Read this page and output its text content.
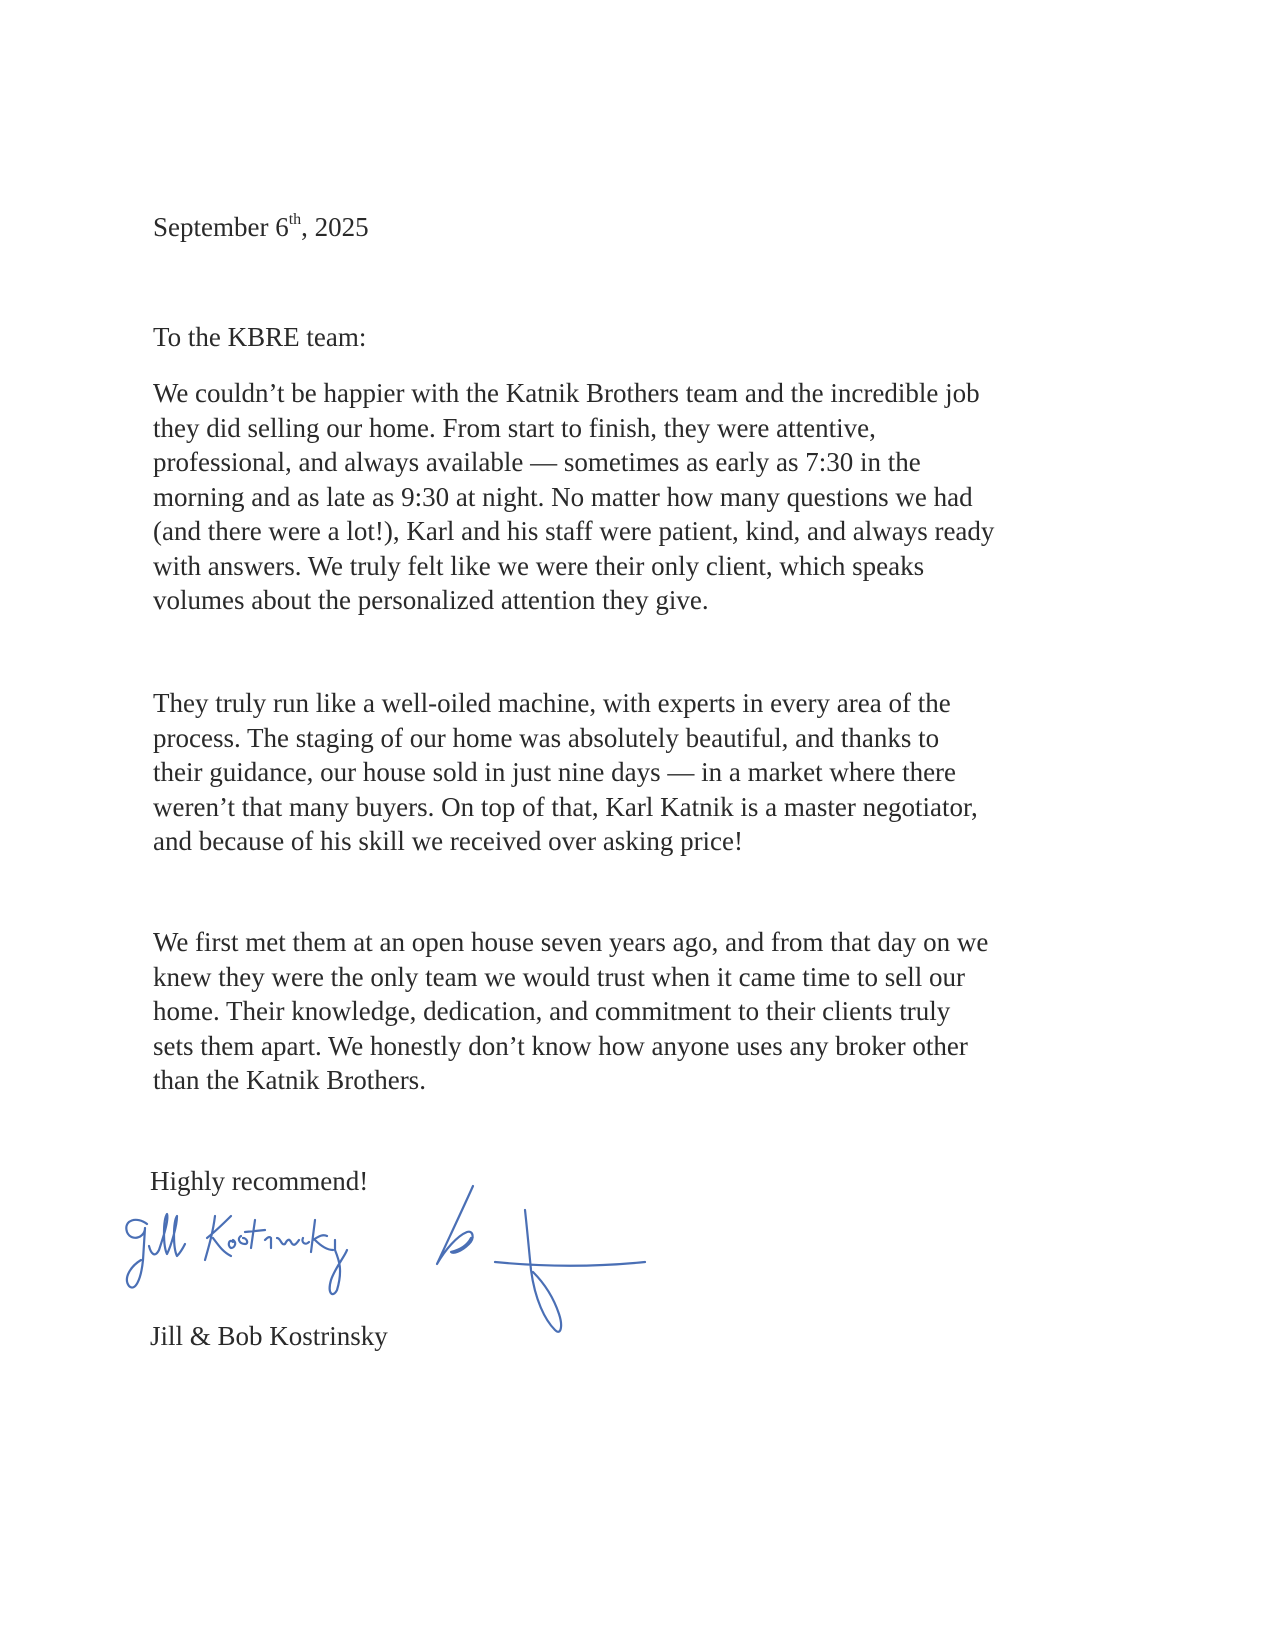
September 6th, 2025
To the KBRE team:
We couldn’t be happier with the Katnik Brothers team and the incredible job
they did selling our home. From start to finish, they were attentive,
professional, and always available — sometimes as early as 7:30 in the
morning and as late as 9:30 at night. No matter how many questions we had
(and there were a lot!), Karl and his staff were patient, kind, and always ready
with answers. We truly felt like we were their only client, which speaks
volumes about the personalized attention they give.
They truly run like a well-oiled machine, with experts in every area of the
process. The staging of our home was absolutely beautiful, and thanks to
their guidance, our house sold in just nine days — in a market where there
weren’t that many buyers. On top of that, Karl Katnik is a master negotiator,
and because of his skill we received over asking price!
We first met them at an open house seven years ago, and from that day on we
knew they were the only team we would trust when it came time to sell our
home. Their knowledge, dedication, and commitment to their clients truly
sets them apart. We honestly don’t know how anyone uses any broker other
than the Katnik Brothers.
Highly recommend!
Jill & Bob Kostrinsky
